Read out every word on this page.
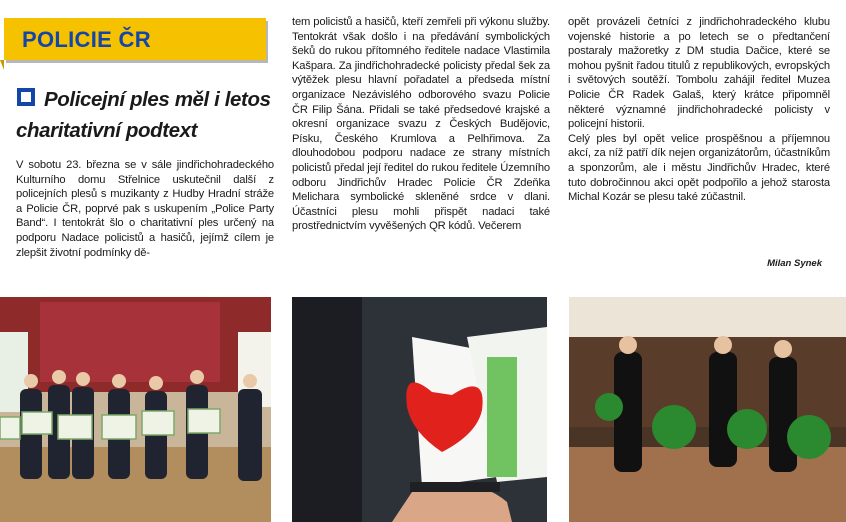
POLICIE ČR
Policejní ples měl i letos charitativní podtext

V sobotu 23. března se v sále jindřichohradeckého Kulturního domu Střelnice uskutečnil další z policejních plesů s muzikanty z Hudby Hradní stráže a Policie ČR, poprvé pak s uskupením „Police Party Band“. I tentokrát šlo o charitativní ples určený na podporu Nadace policistů a hasičů, jejímž cílem je zlepšit životní podmínky dě-

tem policistů a hasičů, kteří zemřeli při výkonu služby. Tentokrát však došlo i na předávání symbolických šeků do rukou přítomného ředitele nadace Vlastimila Kašpara. Za jindřichohradecké policisty předal šek za výtěžek plesu hlavní pořadatel a předseda místní organizace Nezávislého odborového svazu Policie ČR Filip Šána. Přidali se také předsedové krajské a okresní organizace svazu z Českých Budějovic, Písku, Českého Krumlova a Pelhřimova. Za dlouhodobou podporu nadace ze strany místních policistů předal její ředitel do rukou ředitele Územního odboru Jindřichův Hradec Policie ČR Zdeňka Melichara symbolické skleněné srdce v dlani. Účastníci plesu mohli přispět nadaci také prostřednictvím vyvěšených QR kódů. Večerem

opět provázeli četníci z jindřichohradeckého klubu vojenské historie a po letech se o předtančení postaraly mažoretky z DM studia Dačice, které se mohou pyšnit řadou titulů z republikových, evropských i světových soutěží. Tombolu zahájil ředitel Muzea Policie ČR Radek Galaš, který krátce připomněl některé významné jindřichohradecké policisty v policejní historii.

Celý ples byl opět velice prospěšnou a příjemnou akcí, za níž patří dík nejen organizátorům, účastníkům a sponzorům, ale i městu Jindřichův Hradec, které tuto dobročinnou akci opět podpořilo a jehož starosta Michal Kozár se plesu také zúčastnil.

Milan Synek
